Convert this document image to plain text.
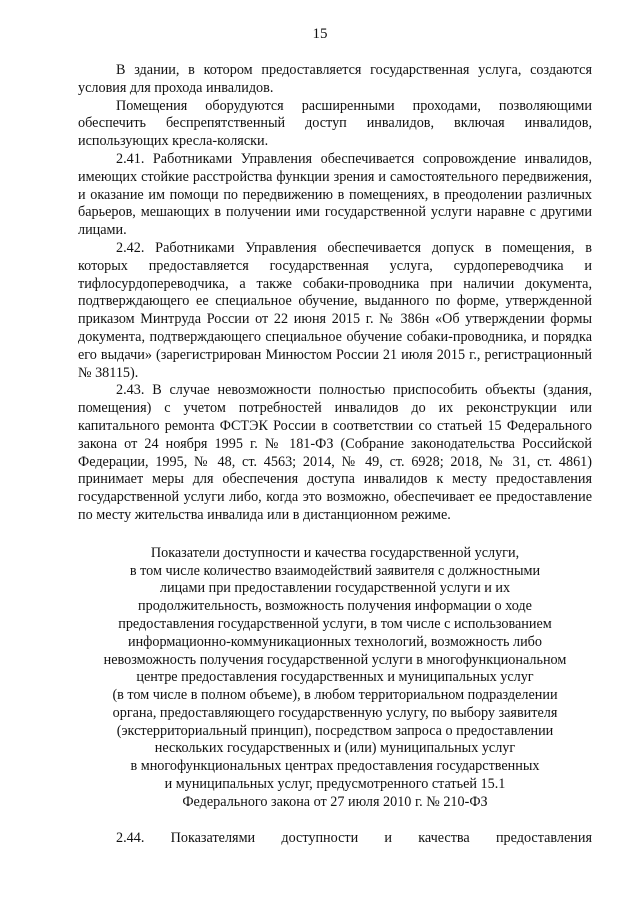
15

В здании, в котором предоставляется государственная услуга, создаются условия для прохода инвалидов.

Помещения оборудуются расширенными проходами, позволяющими обеспечить беспрепятственный доступ инвалидов, включая инвалидов, использующих кресла-коляски.

2.41. Работниками Управления обеспечивается сопровождение инвалидов, имеющих стойкие расстройства функции зрения и самостоятельного передвижения, и оказание им помощи по передвижению в помещениях, в преодолении различных барьеров, мешающих в получении ими государственной услуги наравне с другими лицами.

2.42. Работниками Управления обеспечивается допуск в помещения, в которых предоставляется государственная услуга, сурдопереводчика и тифлосурдопереводчика, а также собаки-проводника при наличии документа, подтверждающего ее специальное обучение, выданного по форме, утвержденной приказом Минтруда России от 22 июня 2015 г. № 386н «Об утверждении формы документа, подтверждающего специальное обучение собаки-проводника, и порядка его выдачи» (зарегистрирован Минюстом России 21 июля 2015 г., регистрационный № 38115).

2.43. В случае невозможности полностью приспособить объекты (здания, помещения) с учетом потребностей инвалидов до их реконструкции или капитального ремонта ФСТЭК России в соответствии со статьей 15 Федерального закона от 24 ноября 1995 г. № 181-ФЗ (Собрание законодательства Российской Федерации, 1995, № 48, ст. 4563; 2014, № 49, ст. 6928; 2018, № 31, ст. 4861) принимает меры для обеспечения доступа инвалидов к месту предоставления государственной услуги либо, когда это возможно, обеспечивает ее предоставление по месту жительства инвалида или в дистанционном режиме.

Показатели доступности и качества государственной услуги,
в том числе количество взаимодействий заявителя с должностными
лицами при предоставлении государственной услуги и их
продолжительность, возможность получения информации о ходе
предоставления государственной услуги, в том числе с использованием
информационно-коммуникационных технологий, возможность либо
невозможность получения государственной услуги в многофункциональном
центре предоставления государственных и муниципальных услуг
(в том числе в полном объеме), в любом территориальном подразделении
органа, предоставляющего государственную услугу, по выбору заявителя
(экстерриториальный принцип), посредством запроса о предоставлении
нескольких государственных и (или) муниципальных услуг
в многофункциональных центрах предоставления государственных
и муниципальных услуг, предусмотренного статьей 15.1
Федерального закона от 27 июля 2010 г. № 210-ФЗ

2.44. Показателями доступности и качества предоставления
